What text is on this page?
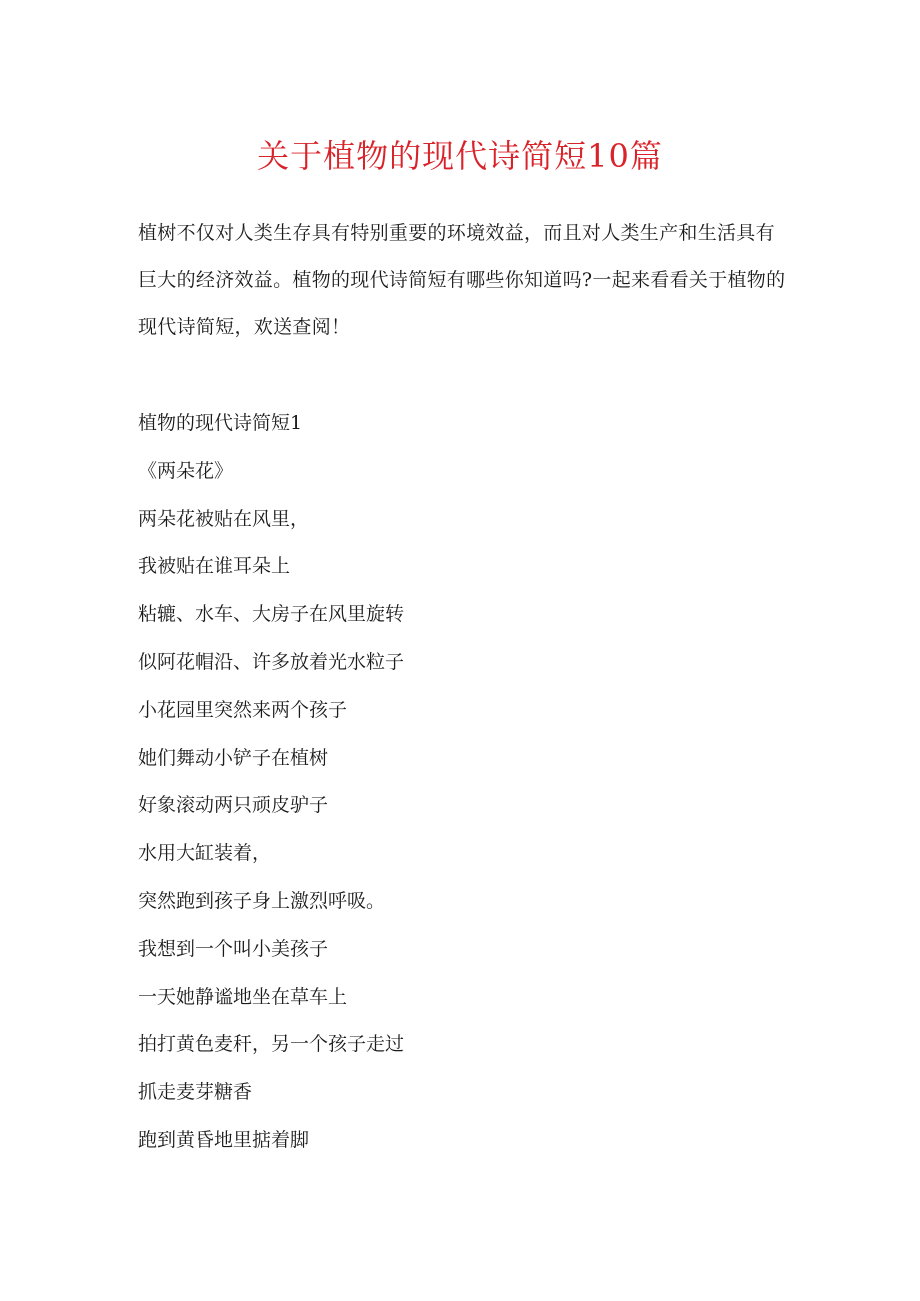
关于植物的现代诗简短10篇

植树不仅对人类生存具有特别重要的环境效益，而且对人类生产和生活具有巨大的经济效益。植物的现代诗简短有哪些你知道吗?一起来看看关于植物的现代诗简短，欢送查阅！

植物的现代诗简短1
《两朵花》
两朵花被贴在风里，
我被贴在谁耳朵上
粘辘、水车、大房子在风里旋转
似阿花帽沿、许多放着光水粒子
小花园里突然来两个孩子
她们舞动小铲子在植树
好象滚动两只顽皮驴子
水用大缸装着，
突然跑到孩子身上激烈呼吸。
我想到一个叫小美孩子
一天她静谧地坐在草车上
拍打黄色麦秆，另一个孩子走过
抓走麦芽糖香
跑到黄昏地里掂着脚
